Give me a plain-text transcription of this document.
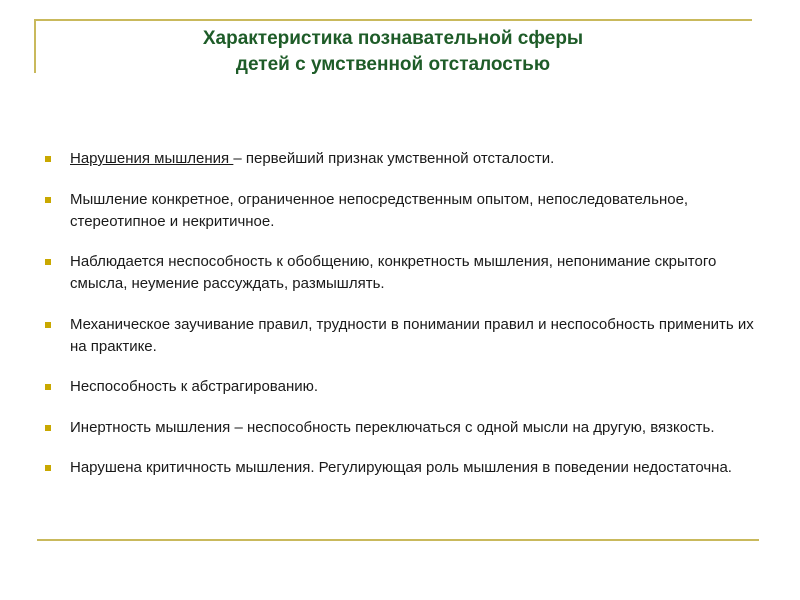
Характеристика познавательной сферы
детей с умственной отсталостью
Нарушения мышления – первейший признак умственной отсталости.
Мышление конкретное, ограниченное непосредственным опытом, непоследовательное, стереотипное и некритичное.
Наблюдается неспособность к обобщению, конкретность мышления, непонимание скрытого смысла, неумение рассуждать, размышлять.
Механическое заучивание правил, трудности в понимании правил и неспособность применить их на практике.
Неспособность к абстрагированию.
Инертность мышления – неспособность переключаться с одной мысли на другую, вязкость.
Нарушена критичность мышления. Регулирующая роль мышления в поведении недостаточна.
